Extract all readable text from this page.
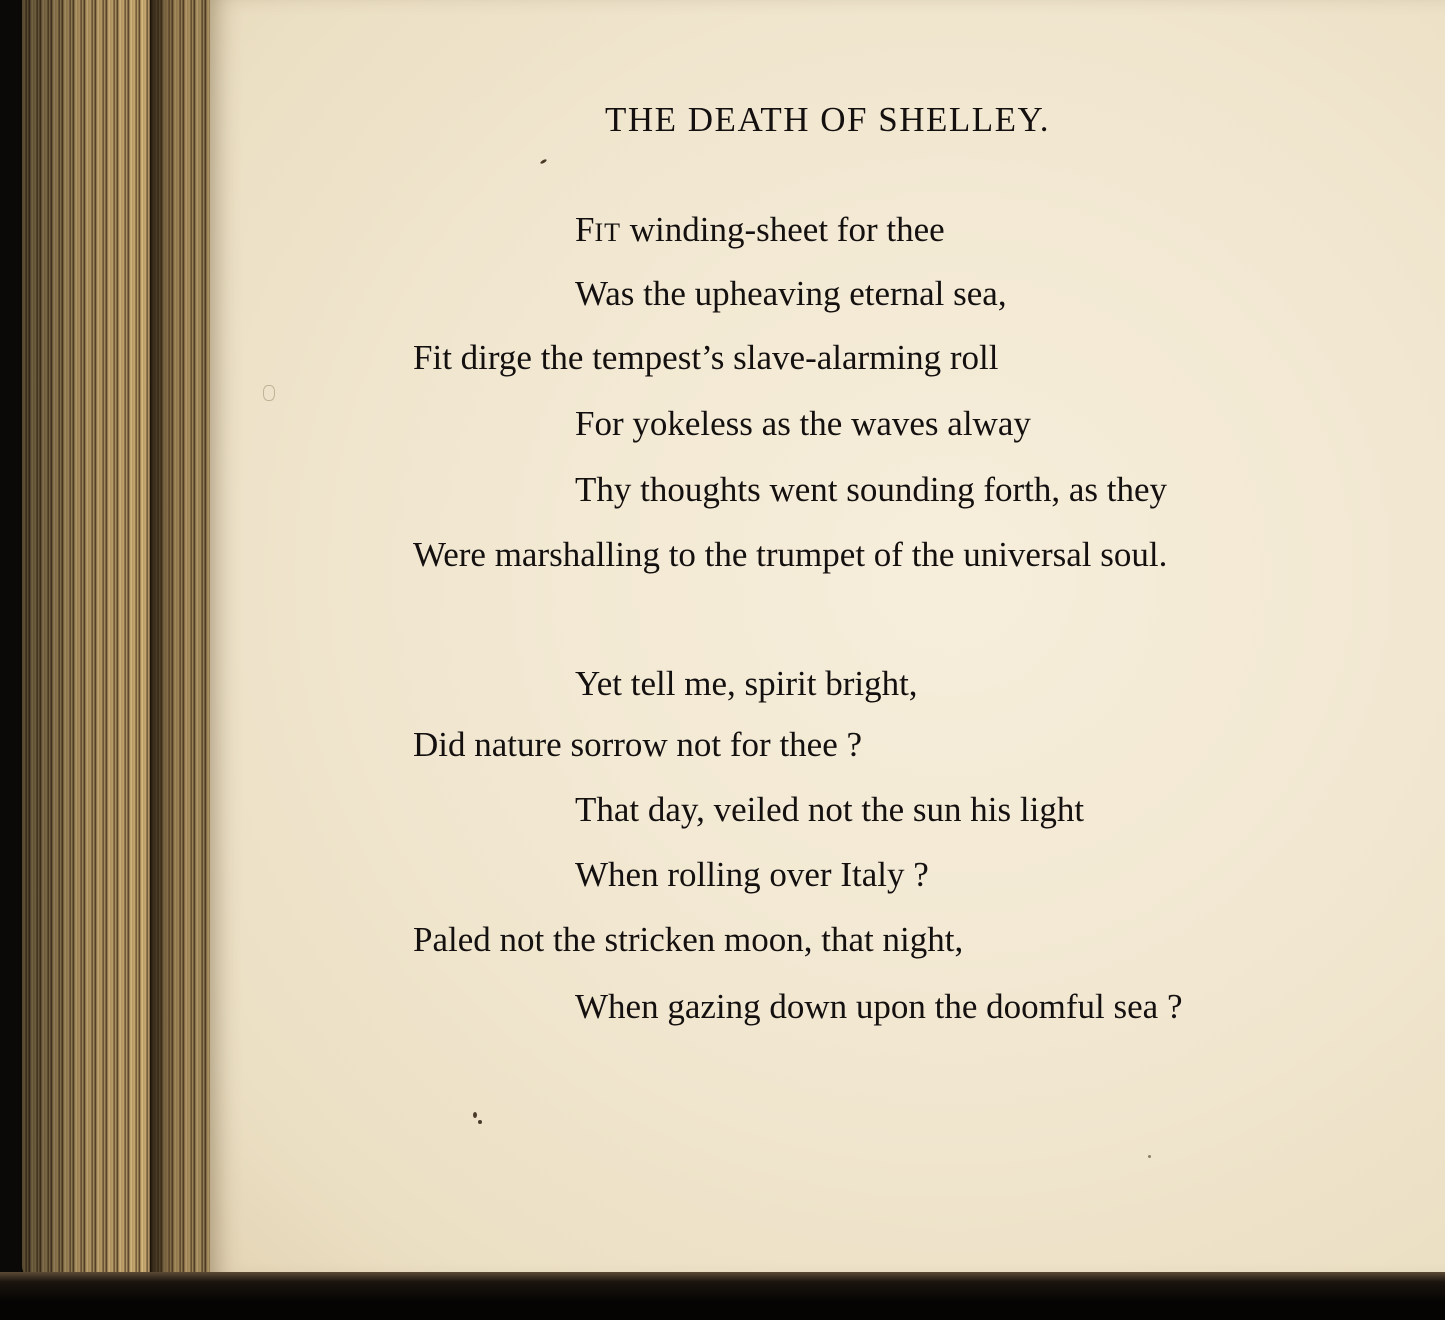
THE DEATH OF SHELLEY.
FIT winding-sheet for thee
Was the upheaving eternal sea,
Fit dirge the tempest’s slave-alarming roll
For yokeless as the waves alway
Thy thoughts went sounding forth, as they
Were marshalling to the trumpet of the universal soul.
Yet tell me, spirit bright,
Did nature sorrow not for thee ?
That day, veiled not the sun his light
When rolling over Italy ?
Paled not the stricken moon, that night,
When gazing down upon the doomful sea ?
